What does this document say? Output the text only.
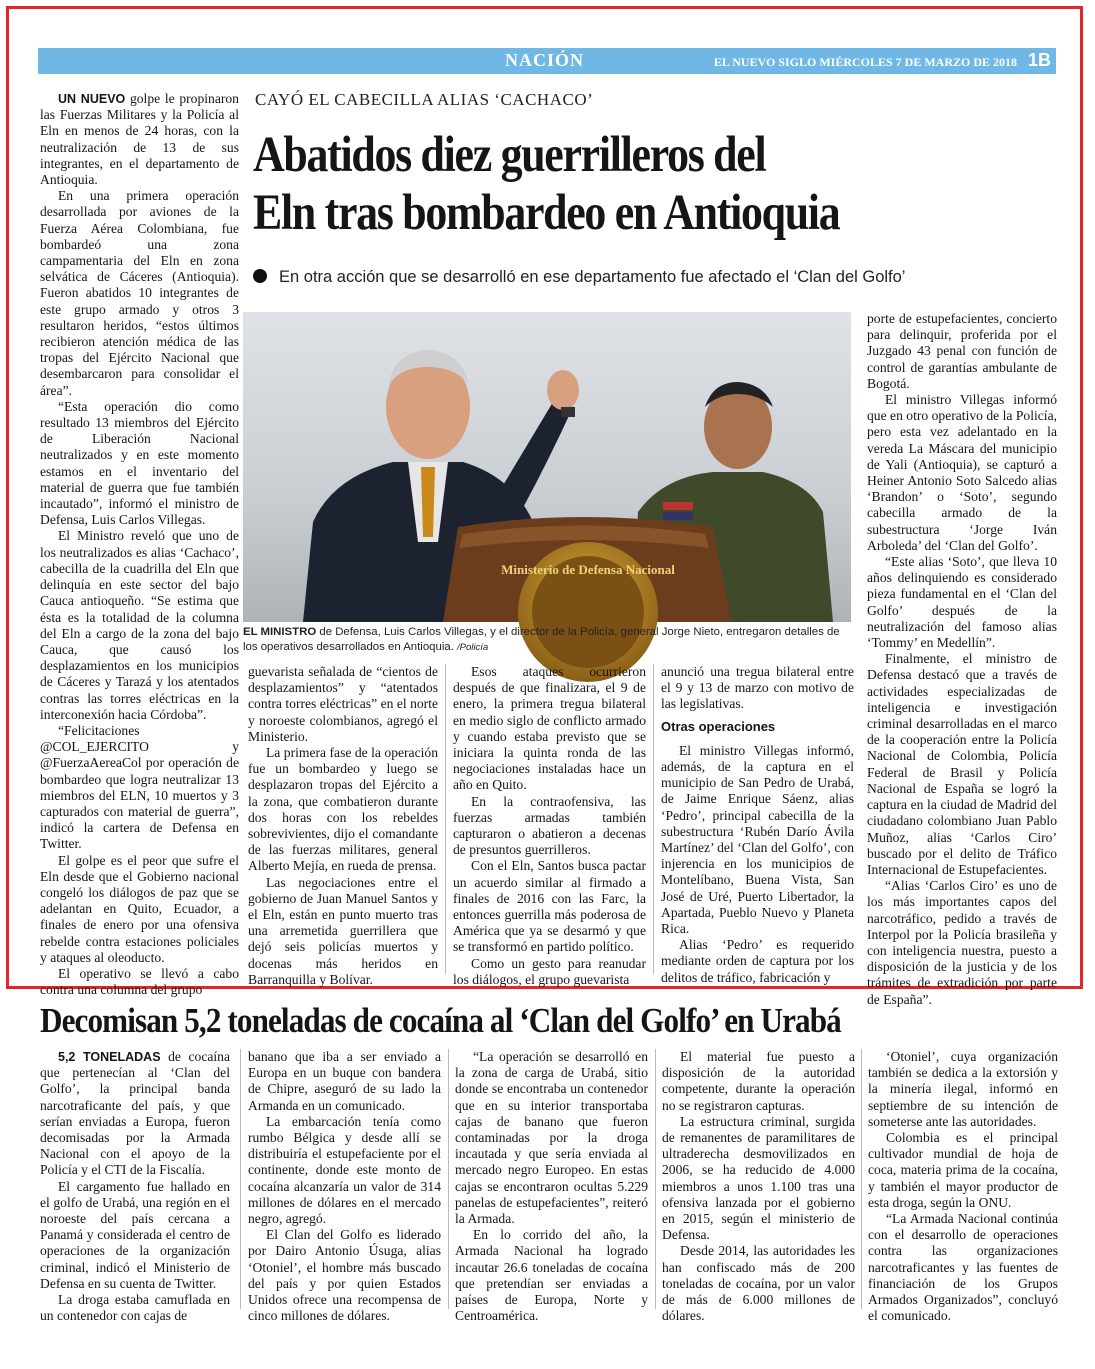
NACIÓN	EL NUEVO SIGLO MIÉRCOLES 7 DE MARZO DE 2018 1B
CAYÓ EL CABECILLA ALIAS ‘CACHACO’
Abatidos diez guerrilleros del
Eln tras bombardeo en Antioquia
En otra acción que se desarrolló en ese departamento fue afectado el ‘Clan del Golfo’

UN NUEVO golpe le propinaron las Fuerzas Militares y la Policía al Eln en menos de 24 horas, con la neutralización de 13 de sus integrantes, en el departamento de Antioquia.

En una primera operación desarrollada por aviones de la Fuerza Aérea Colombiana, fue bombardeó una zona campamentaria del Eln en zona selvática de Cáceres (Antioquia). Fueron abatidos 10 integrantes de este grupo armado y otros 3 resultaron heridos, “estos últimos recibieron atención médica de las tropas del Ejército Nacional que desembarcaron para consolidar el área”.

“Esta operación dio como resultado 13 miembros del Ejército de Liberación Nacional neutralizados y en este momento estamos en el inventario del material de guerra que fue también incautado”, informó el ministro de Defensa, Luis Carlos Villegas.

El Ministro reveló que uno de los neutralizados es alias ‘Cachaco’, cabecilla de la cuadrilla del Eln que delinquía en este sector del bajo Cauca antioqueño. “Se estima que ésta es la totalidad de la columna del Eln a cargo de la zona del bajo Cauca, que causó los desplazamientos en los municipios de Cáceres y Tarazá y los atentados contras las torres eléctricas en la interconexión hacia Córdoba”.

“Felicitaciones @COL_EJERCITO y @FuerzaAereaCol por operación de bombardeo que logra neutralizar 13 miembros del ELN, 10 muertos y 3 capturados con material de guerra”, indicó la cartera de Defensa en Twitter.

El golpe es el peor que sufre el Eln desde que el Gobierno nacional congeló los diálogos de paz que se adelantan en Quito, Ecuador, a finales de enero por una ofensiva rebelde contra estaciones policiales y ataques al oleoducto.

El operativo se llevó a cabo contra una columna del grupo

Ministerio de Defensa Nacional
EL MINISTRO de Defensa, Luis Carlos Villegas, y el director de la Policía, general Jorge Nieto, entregaron detalles de los operativos desarrollados en Antioquia. /Policía

porte de estupefacientes, concierto para delinquir, proferida por el Juzgado 43 penal con función de control de garantías ambulante de Bogotá.

El ministro Villegas informó que en otro operativo de la Policía, pero esta vez adelantado en la vereda La Máscara del municipio de Yali (Antioquia), se capturó a Heiner Antonio Soto Salcedo alias ‘Brandon’ o ‘Soto’, segundo cabecilla armado de la subestructura ‘Jorge Iván Arboleda’ del ‘Clan del Golfo’.

“Este alias ‘Soto’, que lleva 10 años delinquiendo es considerado pieza fundamental en el ‘Clan del Golfo’ después de la neutralización del famoso alias ‘Tommy’ en Medellín”.

Finalmente, el ministro de Defensa destacó que a través de actividades especializadas de inteligencia e investigación criminal desarrolladas en el marco de la cooperación entre la Policía Nacional de Colombia, Policía Federal de Brasil y Policía Nacional de España se logró la captura en la ciudad de Madrid del ciudadano colombiano Juan Pablo Muñoz, alias ‘Carlos Ciro’ buscado por el delito de Tráfico Internacional de Estupefacientes.

“Alias ‘Carlos Ciro’ es uno de los más importantes capos del narcotráfico, pedido a través de Interpol por la Policía brasileña y con inteligencia nuestra, puesto a disposición de la justicia y de los trámites de extradición por parte de España”.

guevarista señalada de “cientos de desplazamientos” y “atentados contra torres eléctricas” en el norte y noroeste colombianos, agregó el Ministerio.

La primera fase de la operación fue un bombardeo y luego se desplazaron tropas del Ejército a la zona, que combatieron durante dos horas con los rebeldes sobrevivientes, dijo el comandante de las fuerzas militares, general Alberto Mejía, en rueda de prensa.

Las negociaciones entre el gobierno de Juan Manuel Santos y el Eln, están en punto muerto tras una arremetida guerrillera que dejó seis policías muertos y docenas más heridos en Barranquilla y Bolívar.

Esos ataques ocurrieron después de que finalizara, el 9 de enero, la primera tregua bilateral en medio siglo de conflicto armado y cuando estaba previsto que se iniciara la quinta ronda de las negociaciones instaladas hace un año en Quito.

En la contraofensiva, las fuerzas armadas también capturaron o abatieron a decenas de presuntos guerrilleros.

Con el Eln, Santos busca pactar un acuerdo similar al firmado a finales de 2016 con las Farc, la entonces guerrilla más poderosa de América que ya se desarmó y que se transformó en partido político.

Como un gesto para reanudar los diálogos, el grupo guevarista

anunció una tregua bilateral entre el 9 y 13 de marzo con motivo de las legislativas.

Otras operaciones

El ministro Villegas informó, además, de la captura en el municipio de San Pedro de Urabá, de Jaime Enrique Sáenz, alias ‘Pedro’, principal cabecilla de la subestructura ‘Rubén Darío Ávila Martínez’ del ‘Clan del Golfo’, con injerencia en los municipios de Montelíbano, Buena Vista, San José de Uré, Puerto Libertador, la Apartada, Pueblo Nuevo y Planeta Rica.

Alias ‘Pedro’ es requerido mediante orden de captura por los delitos de tráfico, fabricación y

Decomisan 5,2 toneladas de cocaína al ‘Clan del Golfo’ en Urabá

5,2 TONELADAS de cocaína que pertenecían al ‘Clan del Golfo’, la principal banda narcotraficante del país, y que serían enviadas a Europa, fueron decomisadas por la Armada Nacional con el apoyo de la Policía y el CTI de la Fiscalía.

El cargamento fue hallado en el golfo de Urabá, una región en el noroeste del país cercana a Panamá y considerada el centro de operaciones de la organización criminal, indicó el Ministerio de Defensa en su cuenta de Twitter.

La droga estaba camuflada en un contenedor con cajas de

banano que iba a ser enviado a Europa en un buque con bandera de Chipre, aseguró de su lado la Armanda en un comunicado.

La embarcación tenía como rumbo Bélgica y desde allí se distribuiría el estupefaciente por el continente, donde este monto de cocaína alcanzaría un valor de 314 millones de dólares en el mercado negro, agregó.

El Clan del Golfo es liderado por Dairo Antonio Úsuga, alias ‘Otoniel’, el hombre más buscado del país y por quien Estados Unidos ofrece una recompensa de cinco millones de dólares.

“La operación se desarrolló en la zona de carga de Urabá, sitio donde se encontraba un contenedor que en su interior transportaba cajas de banano que fueron contaminadas por la droga incautada y que sería enviada al mercado negro Europeo. En estas cajas se encontraron ocultas 5.229 panelas de estupefacientes”, reiteró la Armada.

En lo corrido del año, la Armada Nacional ha logrado incautar 26.6 toneladas de cocaína que pretendían ser enviadas a países de Europa, Norte y Centroamérica.

El material fue puesto a disposición de la autoridad competente, durante la operación no se registraron capturas.

La estructura criminal, surgida de remanentes de paramilitares de ultraderecha desmovilizados en 2006, se ha reducido de 4.000 miembros a unos 1.100 tras una ofensiva lanzada por el gobierno en 2015, según el ministerio de Defensa.

Desde 2014, las autoridades les han confiscado más de 200 toneladas de cocaína, por un valor de más de 6.000 millones de dólares.

‘Otoniel’, cuya organización también se dedica a la extorsión y la minería ilegal, informó en septiembre de su intención de someterse ante las autoridades.

Colombia es el principal cultivador mundial de hoja de coca, materia prima de la cocaína, y también el mayor productor de esta droga, según la ONU.

“La Armada Nacional continúa con el desarrollo de operaciones contra las organizaciones narcotraficantes y las fuentes de financiación de los Grupos Armados Organizados”, concluyó el comunicado.
